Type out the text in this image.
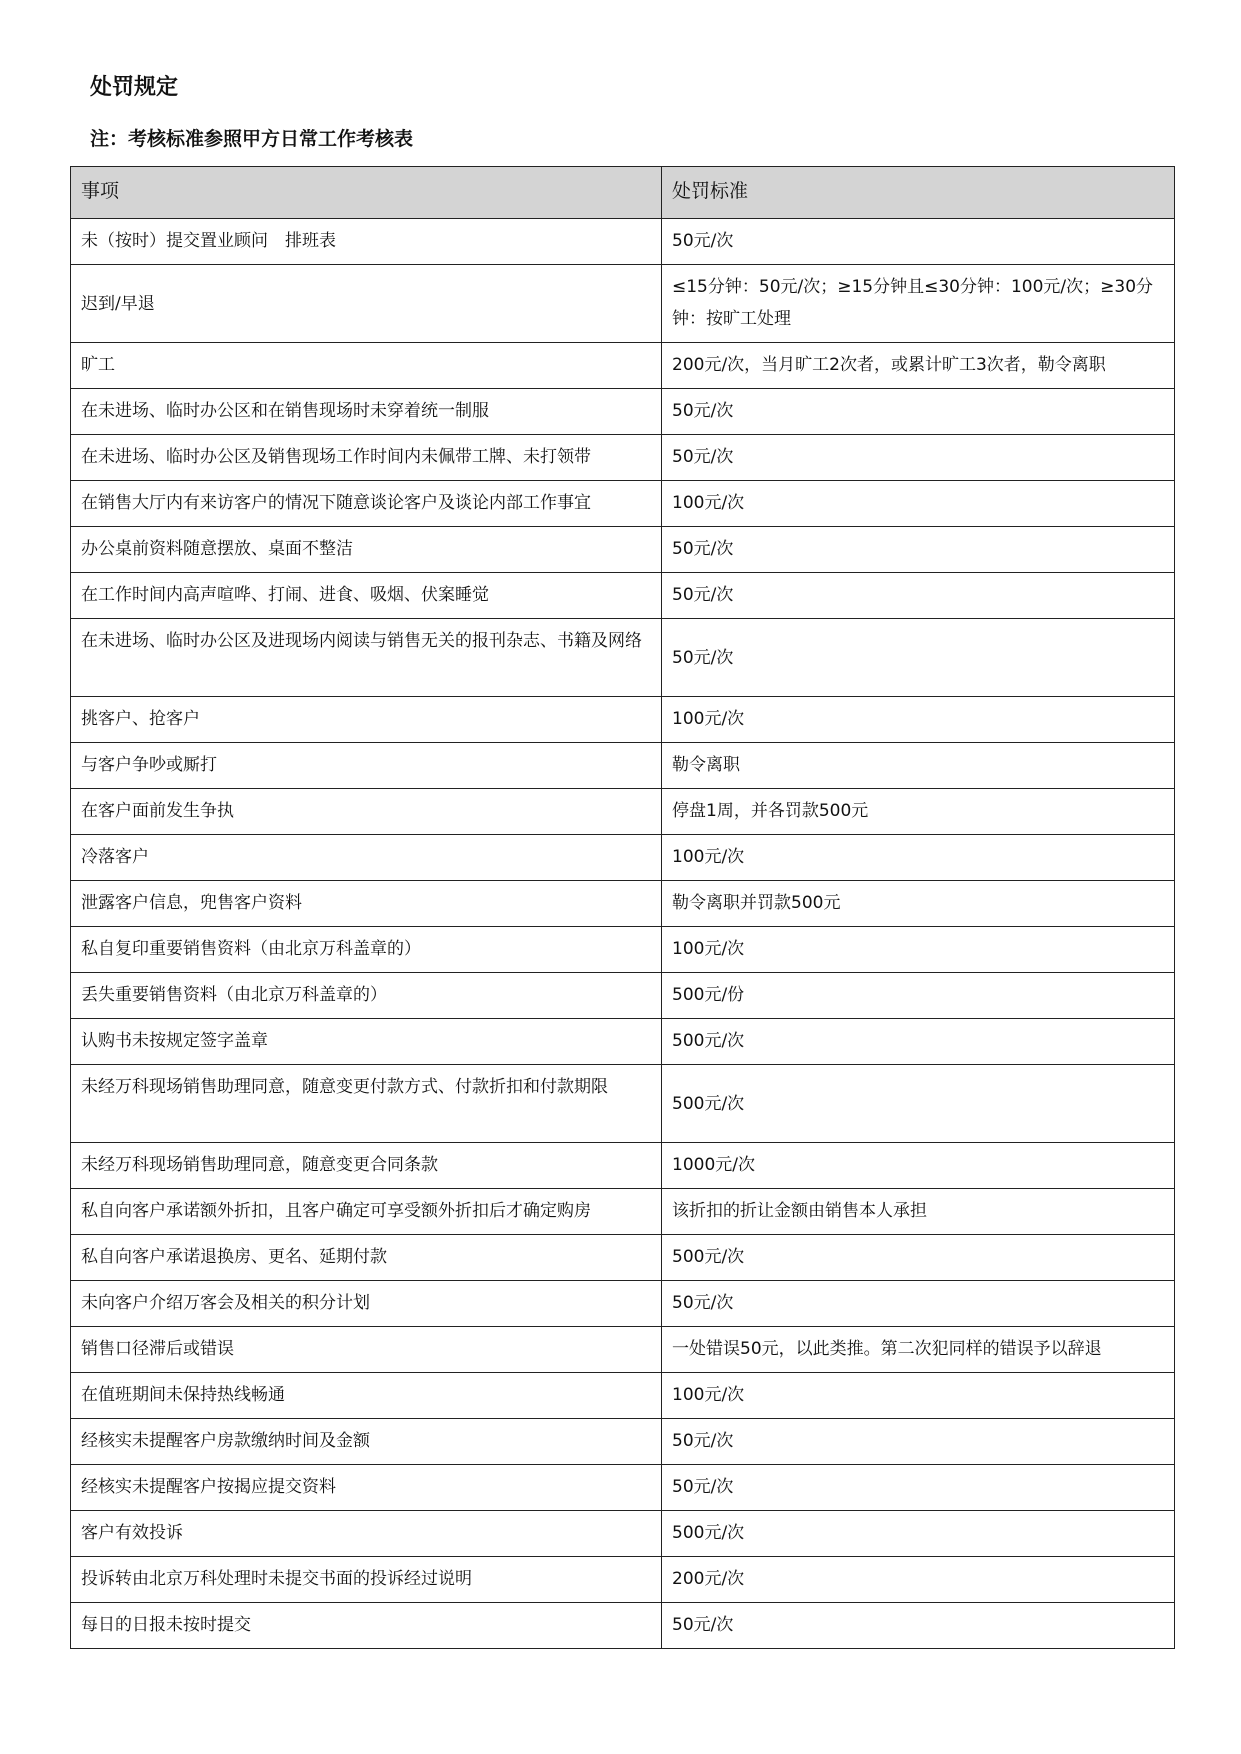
处罚规定

注：考核标准参照甲方日常工作考核表

事项	处罚标准
未（按时）提交置业顾问　排班表	50元/次
迟到/早退	≤15分钟：50元/次；≥15分钟且≤30分钟：100元/次；≥30分钟：按旷工处理
旷工	200元/次，当月旷工2次者，或累计旷工3次者，勒令离职
在未进场、临时办公区和在销售现场时未穿着统一制服	50元/次
在未进场、临时办公区及销售现场工作时间内未佩带工牌、未打领带	50元/次
在销售大厅内有来访客户的情况下随意谈论客户及谈论内部工作事宜	100元/次
办公桌前资料随意摆放、桌面不整洁	50元/次
在工作时间内高声喧哗、打闹、进食、吸烟、伏案睡觉	50元/次
在未进场、临时办公区及进现场内阅读与销售无关的报刊杂志、书籍及网络	50元/次
挑客户、抢客户	100元/次
与客户争吵或厮打	勒令离职
在客户面前发生争执	停盘1周，并各罚款500元
冷落客户	100元/次
泄露客户信息，兜售客户资料	勒令离职并罚款500元
私自复印重要销售资料（由北京万科盖章的）	100元/次
丢失重要销售资料（由北京万科盖章的）	500元/份
认购书未按规定签字盖章	500元/次
未经万科现场销售助理同意，随意变更付款方式、付款折扣和付款期限	500元/次
未经万科现场销售助理同意，随意变更合同条款	1000元/次
私自向客户承诺额外折扣，且客户确定可享受额外折扣后才确定购房	该折扣的折让金额由销售本人承担
私自向客户承诺退换房、更名、延期付款	500元/次
未向客户介绍万客会及相关的积分计划	50元/次
销售口径滞后或错误	一处错误50元，以此类推。第二次犯同样的错误予以辞退
在值班期间未保持热线畅通	100元/次
经核实未提醒客户房款缴纳时间及金额	50元/次
经核实未提醒客户按揭应提交资料	50元/次
客户有效投诉	500元/次
投诉转由北京万科处理时未提交书面的投诉经过说明	200元/次
每日的日报未按时提交	50元/次
